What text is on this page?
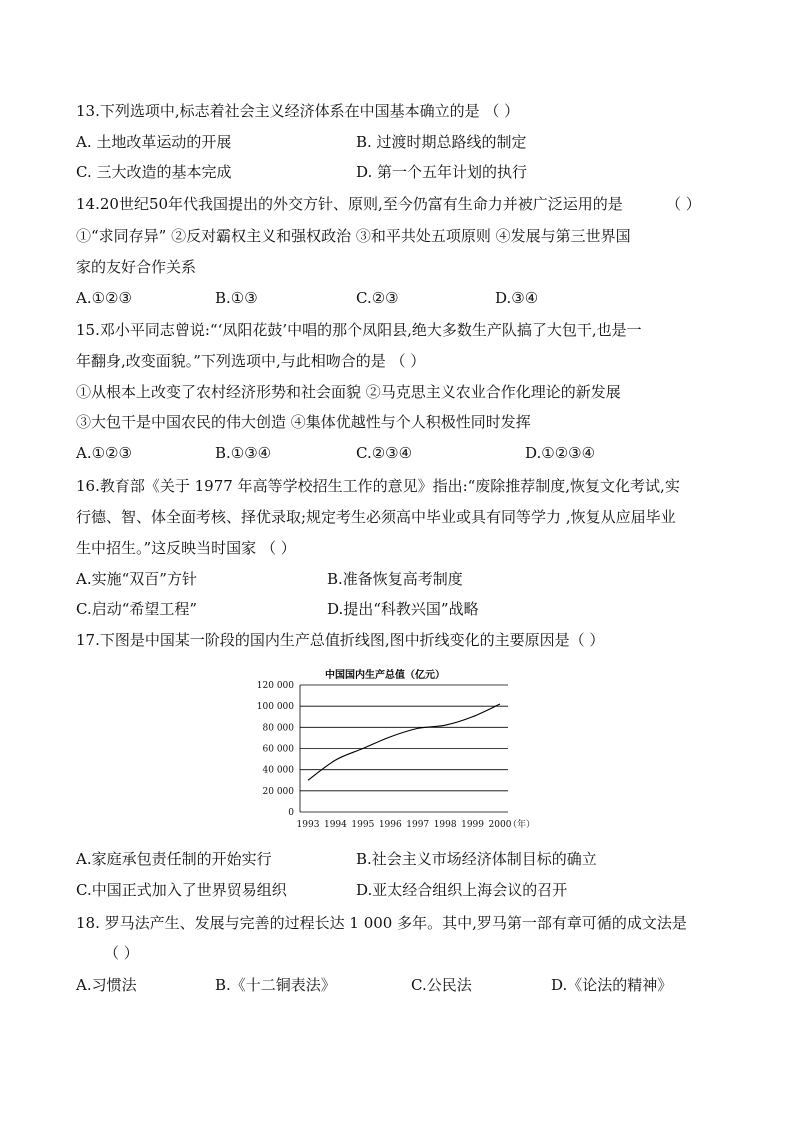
13.下列选项中,标志着社会主义经济体系在中国基本确立的是 （ ）
A. 土地改革运动的开展	B. 过渡时期总路线的制定
C. 三大改造的基本完成	D. 第一个五年计划的执行
14.20世纪50年代我国提出的外交方针、原则,至今仍富有生命力并被广泛运用的是	（ ）
①“求同存异” ②反对霸权主义和强权政治 ③和平共处五项原则 ④发展与第三世界国
家的友好合作关系
A.①②③	B.①③	C.②③	D.③④
15.邓小平同志曾说:“‘凤阳花鼓’中唱的那个凤阳县,绝大多数生产队搞了大包干,也是一
年翻身,改变面貌。”下列选项中,与此相吻合的是 （ ）
①从根本上改变了农村经济形势和社会面貌 ②马克思主义农业合作化理论的新发展
③大包干是中国农民的伟大创造 ④集体优越性与个人积极性同时发挥
A.①②③	B.①③④	C.②③④	D.①②③④
16.教育部《关于 1977 年高等学校招生工作的意见》指出:“废除推荐制度,恢复文化考试,实
行德、智、体全面考核、择优录取;规定考生必须高中毕业或具有同等学力 ,恢复从应届毕业
生中招生。”这反映当时国家 （ ）
A.实施“双百”方针	B.准备恢复高考制度
C.启动“希望工程”	D.提出“科教兴国”战略
17.下图是中国某一阶段的国内生产总值折线图,图中折线变化的主要原因是（ ）
中国国内生产总值（亿元）
0
20 000
40 000
60 000
80 000
100 000
120 000
1993 1994 1995 1996 1997 1998 1999 2000
（年）
A.家庭承包责任制的开始实行	B.社会主义市场经济体制目标的确立
C.中国正式加入了世界贸易组织	D.亚太经合组织上海会议的召开
18. 罗马法产生、发展与完善的过程长达 1 000 多年。其中,罗马第一部有章可循的成文法是
（ ）
A.习惯法	B.《十二铜表法》	C.公民法	D.《论法的精神》
